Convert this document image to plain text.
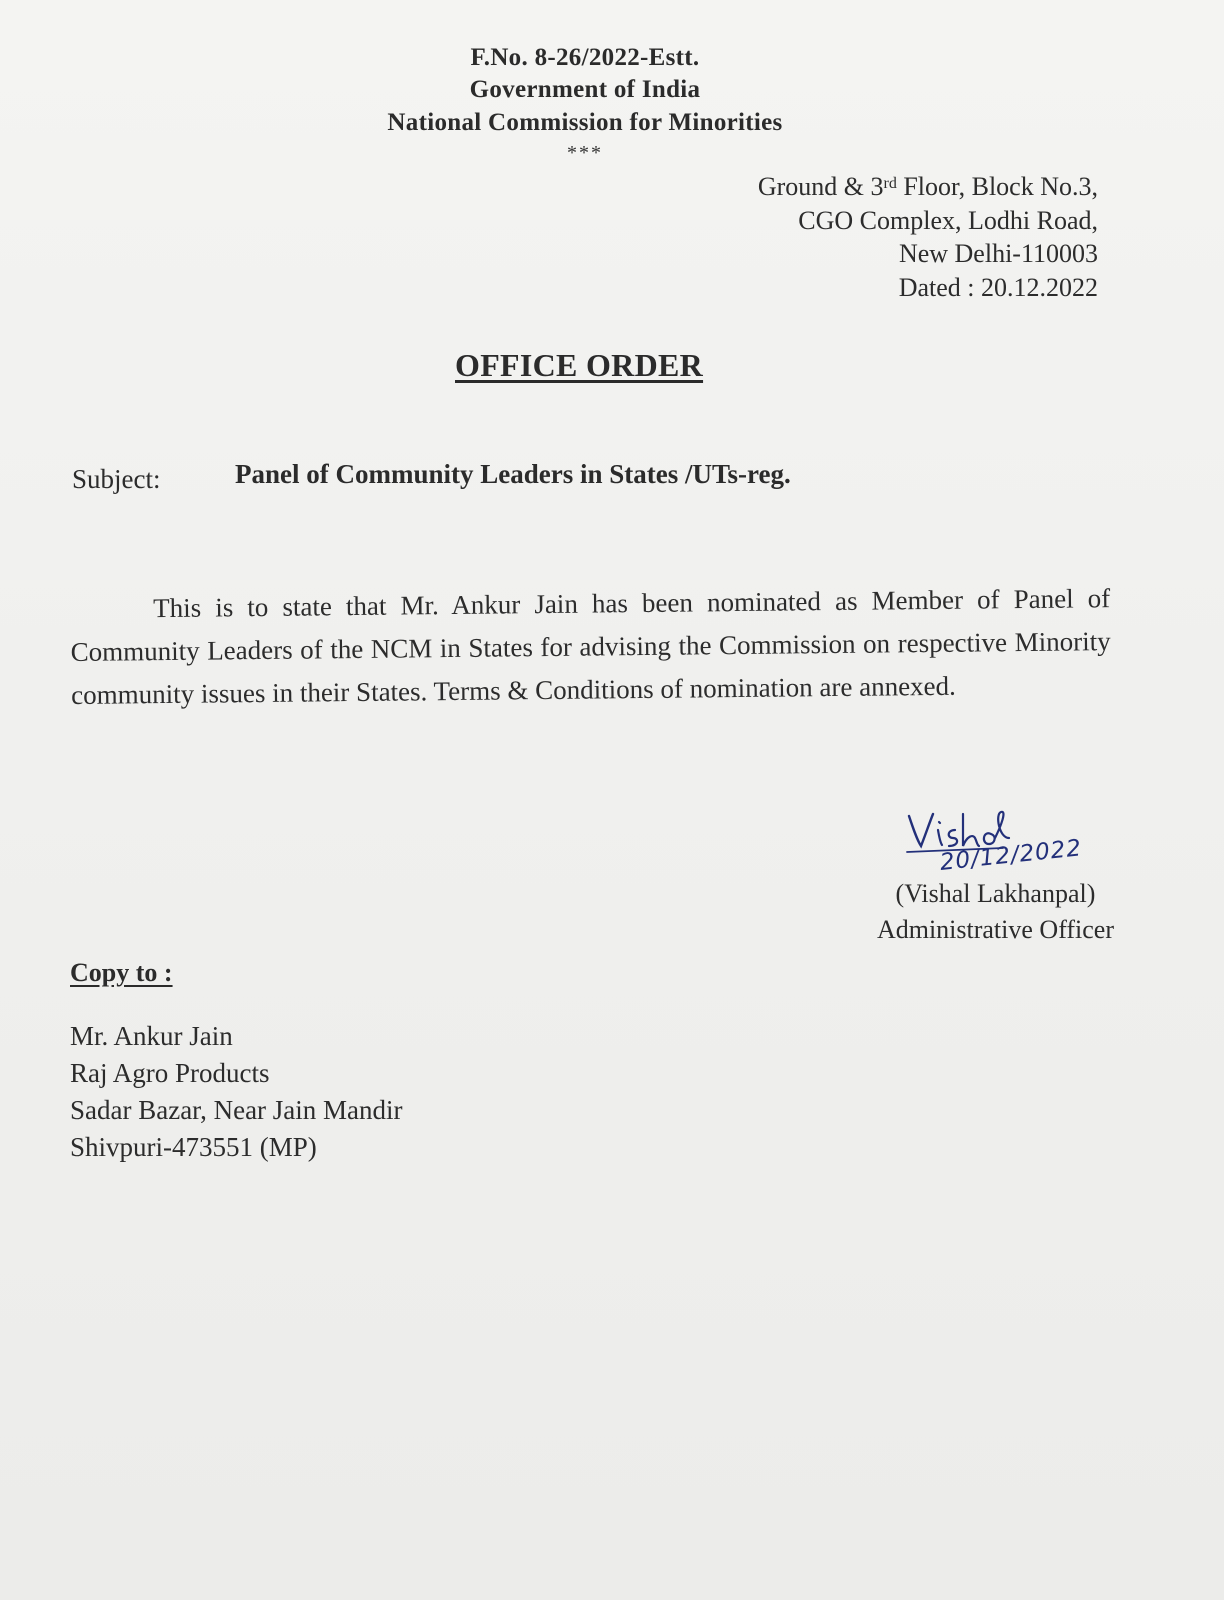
F.No. 8-26/2022-Estt.
Government of India
National Commission for Minorities
***
Ground & 3rd Floor, Block No.3,
CGO Complex, Lodhi Road,
New Delhi-110003
Dated : 20.12.2022
OFFICE ORDER
Subject:	Panel of Community Leaders in States /UTs-reg.
This is to state that Mr. Ankur Jain has been nominated as Member of Panel of Community Leaders of the NCM in States for advising the Commission on respective Minority community issues in their States. Terms & Conditions of nomination are annexed.
20/12/2022
(Vishal Lakhanpal)
Administrative Officer
Copy to :
Mr. Ankur Jain
Raj Agro Products
Sadar Bazar, Near Jain Mandir
Shivpuri-473551 (MP)
